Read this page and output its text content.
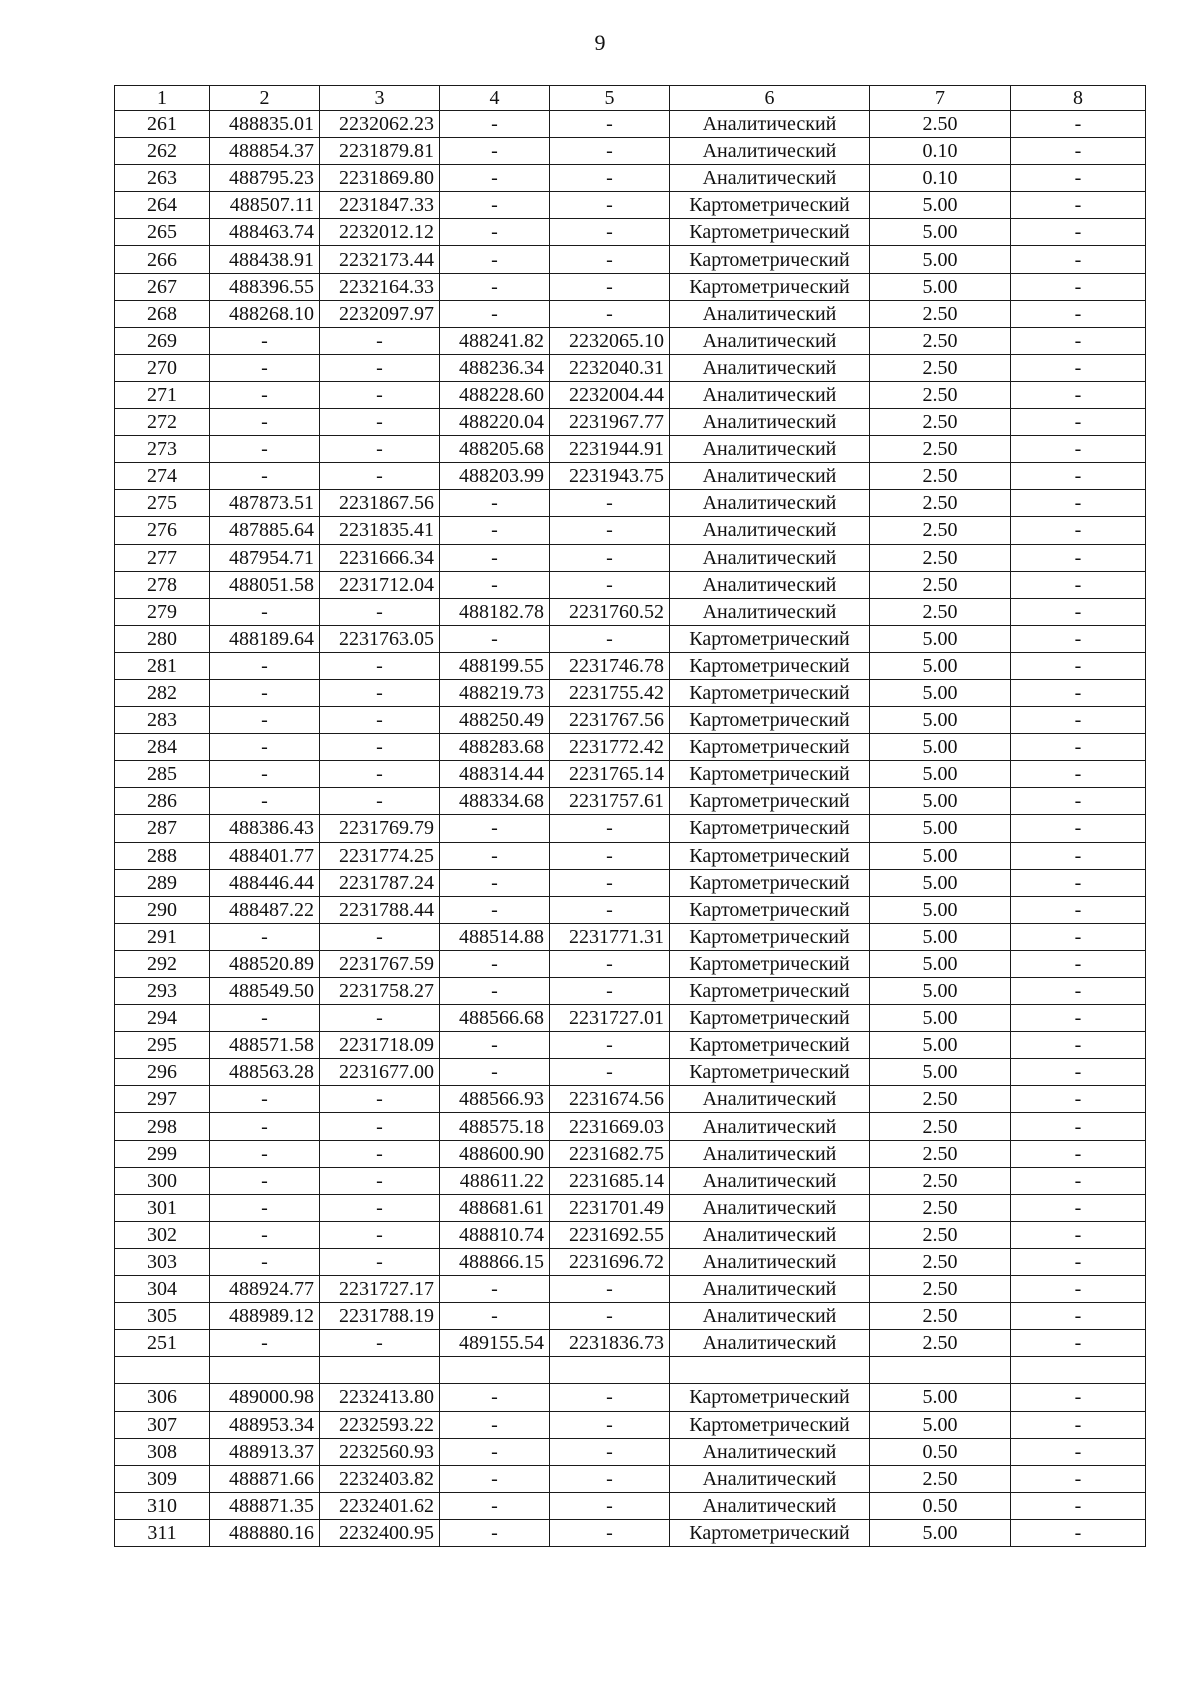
9
1	2	3	4	5	6	7	8
261	488835.01	2232062.23	-	-	Аналитический	2.50	-
262	488854.37	2231879.81	-	-	Аналитический	0.10	-
263	488795.23	2231869.80	-	-	Аналитический	0.10	-
264	488507.11	2231847.33	-	-	Картометрический	5.00	-
265	488463.74	2232012.12	-	-	Картометрический	5.00	-
266	488438.91	2232173.44	-	-	Картометрический	5.00	-
267	488396.55	2232164.33	-	-	Картометрический	5.00	-
268	488268.10	2232097.97	-	-	Аналитический	2.50	-
269	-	-	488241.82	2232065.10	Аналитический	2.50	-
270	-	-	488236.34	2232040.31	Аналитический	2.50	-
271	-	-	488228.60	2232004.44	Аналитический	2.50	-
272	-	-	488220.04	2231967.77	Аналитический	2.50	-
273	-	-	488205.68	2231944.91	Аналитический	2.50	-
274	-	-	488203.99	2231943.75	Аналитический	2.50	-
275	487873.51	2231867.56	-	-	Аналитический	2.50	-
276	487885.64	2231835.41	-	-	Аналитический	2.50	-
277	487954.71	2231666.34	-	-	Аналитический	2.50	-
278	488051.58	2231712.04	-	-	Аналитический	2.50	-
279	-	-	488182.78	2231760.52	Аналитический	2.50	-
280	488189.64	2231763.05	-	-	Картометрический	5.00	-
281	-	-	488199.55	2231746.78	Картометрический	5.00	-
282	-	-	488219.73	2231755.42	Картометрический	5.00	-
283	-	-	488250.49	2231767.56	Картометрический	5.00	-
284	-	-	488283.68	2231772.42	Картометрический	5.00	-
285	-	-	488314.44	2231765.14	Картометрический	5.00	-
286	-	-	488334.68	2231757.61	Картометрический	5.00	-
287	488386.43	2231769.79	-	-	Картометрический	5.00	-
288	488401.77	2231774.25	-	-	Картометрический	5.00	-
289	488446.44	2231787.24	-	-	Картометрический	5.00	-
290	488487.22	2231788.44	-	-	Картометрический	5.00	-
291	-	-	488514.88	2231771.31	Картометрический	5.00	-
292	488520.89	2231767.59	-	-	Картометрический	5.00	-
293	488549.50	2231758.27	-	-	Картометрический	5.00	-
294	-	-	488566.68	2231727.01	Картометрический	5.00	-
295	488571.58	2231718.09	-	-	Картометрический	5.00	-
296	488563.28	2231677.00	-	-	Картометрический	5.00	-
297	-	-	488566.93	2231674.56	Аналитический	2.50	-
298	-	-	488575.18	2231669.03	Аналитический	2.50	-
299	-	-	488600.90	2231682.75	Аналитический	2.50	-
300	-	-	488611.22	2231685.14	Аналитический	2.50	-
301	-	-	488681.61	2231701.49	Аналитический	2.50	-
302	-	-	488810.74	2231692.55	Аналитический	2.50	-
303	-	-	488866.15	2231696.72	Аналитический	2.50	-
304	488924.77	2231727.17	-	-	Аналитический	2.50	-
305	488989.12	2231788.19	-	-	Аналитический	2.50	-
251	-	-	489155.54	2231836.73	Аналитический	2.50	-

306	489000.98	2232413.80	-	-	Картометрический	5.00	-
307	488953.34	2232593.22	-	-	Картометрический	5.00	-
308	488913.37	2232560.93	-	-	Аналитический	0.50	-
309	488871.66	2232403.82	-	-	Аналитический	2.50	-
310	488871.35	2232401.62	-	-	Аналитический	0.50	-
311	488880.16	2232400.95	-	-	Картометрический	5.00	-
